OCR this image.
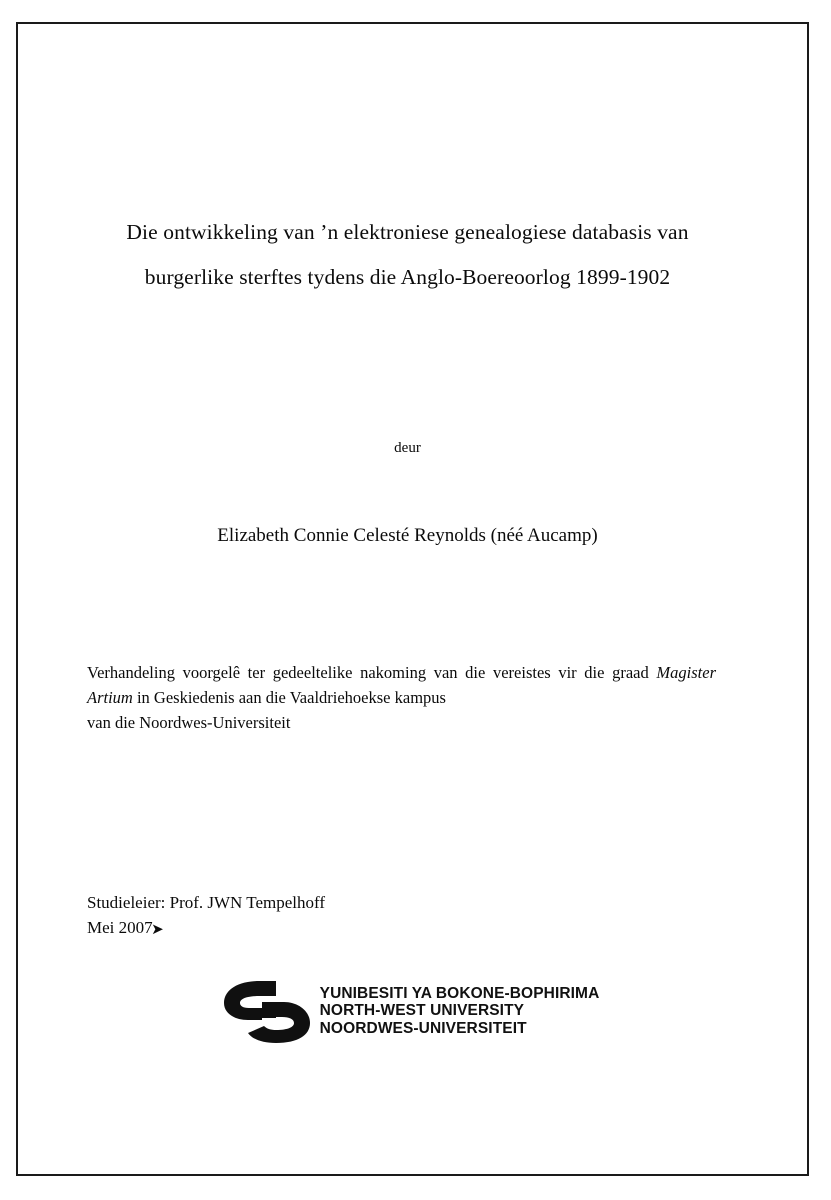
Die ontwikkeling van ’n elektroniese genealogiese databasis van
burgerlike sterftes tydens die Anglo-Boereoorlog 1899-1902
deur
Elizabeth Connie Celesté Reynolds (néé Aucamp)
Verhandeling voorgelê ter gedeeltelike nakoming van die vereistes vir die graad Magister Artium in Geskiedenis aan die Vaaldriehoekse kampus
van die Noordwes-Universiteit
Studieleier: Prof. JWN Tempelhoff
Mei 2007
➤
YUNIBESITI YA BOKONE-BOPHIRIMA
NORTH-WEST UNIVERSITY
NOORDWES-UNIVERSITEIT
